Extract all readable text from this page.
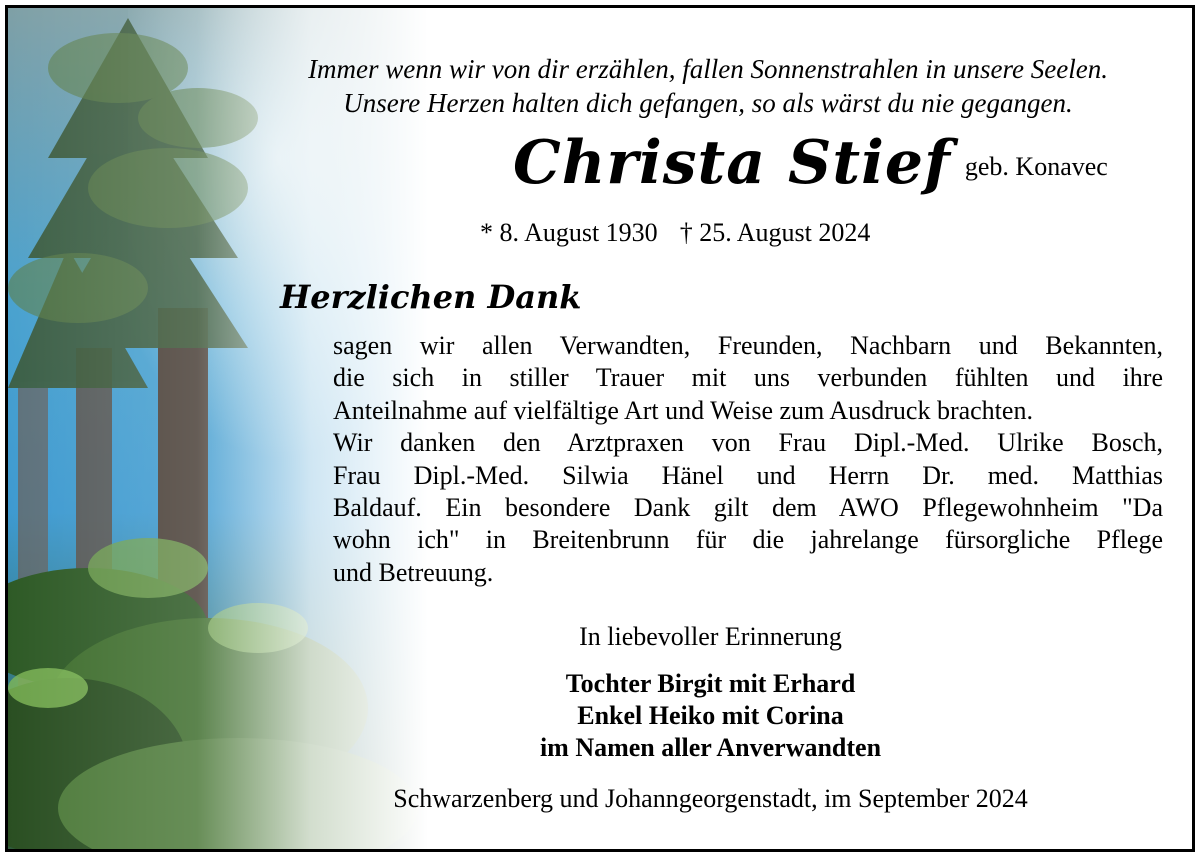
Immer wenn wir von dir erzählen, fallen Sonnenstrahlen in unsere Seelen.
Unsere Herzen halten dich gefangen, so als wärst du nie gegangen.
Christa Stief geb. Konavec
* 8. August 1930 † 25. August 2024
Herzlichen Dank
sagen wir allen Verwandten, Freunden, Nachbarn und Bekannten,
die sich in stiller Trauer mit uns verbunden fühlten und ihre
Anteilnahme auf vielfältige Art und Weise zum Ausdruck brachten.
Wir danken den Arztpraxen von Frau Dipl.-Med. Ulrike Bosch,
Frau Dipl.-Med. Silwia Hänel und Herrn Dr. med. Matthias
Baldauf. Ein besondere Dank gilt dem AWO Pflegewohnheim "Da
wohn ich" in Breitenbrunn für die jahrelange fürsorgliche Pflege
und Betreuung.
In liebevoller Erinnerung
Tochter Birgit mit Erhard
Enkel Heiko mit Corina
im Namen aller Anverwandten
Schwarzenberg und Johanngeorgenstadt, im September 2024
